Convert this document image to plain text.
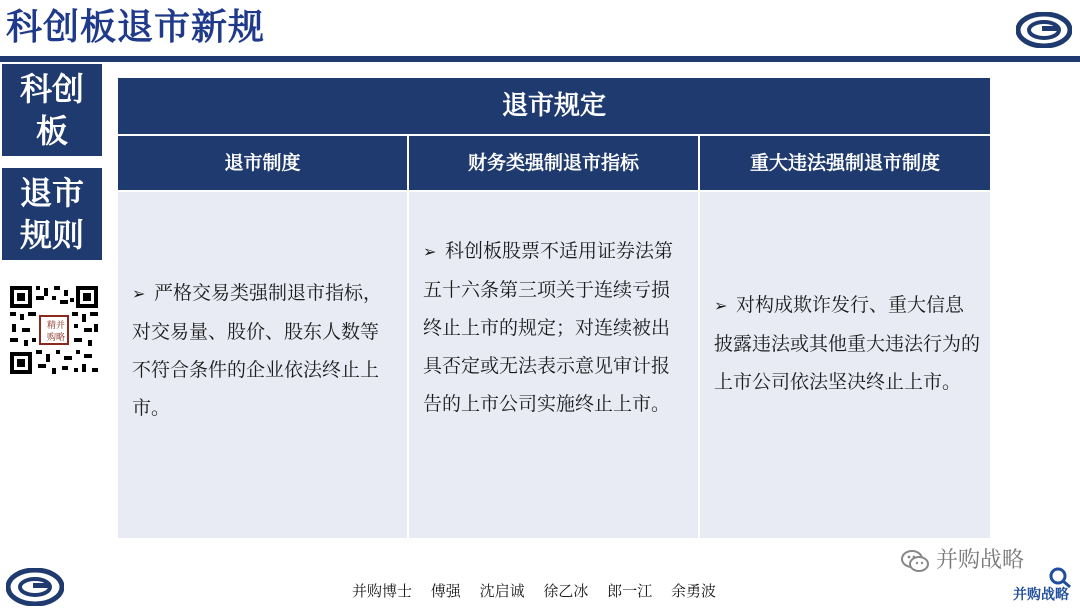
科创板退市新规
科创
板
退市
规则
精 并
购 略
退市规定
退市制度	财务类强制退市指标	重大违法强制退市制度
➢ 严格交易类强制退市指标，对交易量、股价、股东人数等不符合条件的企业依法终止上市。
➢ 科创板股票不适用证券法第五十六条第三项关于连续亏损终止上市的规定；对连续被出具否定或无法表示意见审计报告的上市公司实施终止上市。
➢ 对构成欺诈发行、重大信息披露违法或其他重大违法行为的上市公司依法坚决终止上市。
并购博士 傅强 沈启诚 徐乙冰 郎一江 余勇波
并购战略
并购战略
